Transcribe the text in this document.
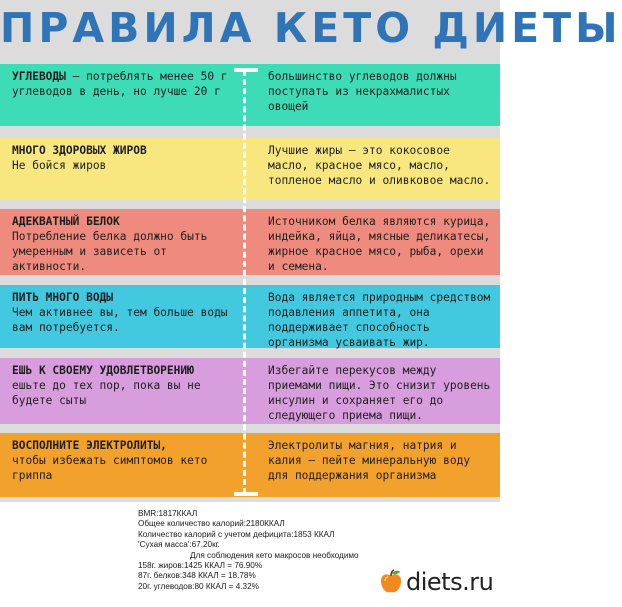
ПРАВИЛА КЕТО ДИЕТЫ
УГЛЕВОДЫ – потреблять менее 50 г углеводов в день, но лучше 20 г
большинство углеводов должны поступать из некрахмалистых овощей
МНОГО ЗДОРОВЫХ ЖИРОВ
Не бойся жиров
Лучшие жиры – это кокосовое масло, красное мясо, масло, топленое масло и оливковое масло.
АДЕКВАТНЫЙ БЕЛОК
Потребление белка должно быть умеренным и зависеть от активности.
Источником белка являются курица, индейка, яйца, мясные деликатесы, жирное красное мясо, рыба, орехи и семена.
ПИТЬ МНОГО ВОДЫ
Чем активнее вы, тем больше воды вам потребуется.
Вода является природным средством подавления аппетита, она поддерживает способность организма усваивать жир.
ЕШЬ К СВОЕМУ УДОВЛЕТВОРЕНИЮ
ешьте до тех пор, пока вы не будете сыты
Избегайте перекусов между приемами пищи. Это снизит уровень инсулин и сохраняет его до следующего приема пищи.
ВОСПОЛНИТЕ ЭЛЕКТРОЛИТЫ,
чтобы избежать симптомов кето гриппа
Электролиты магния, натрия и калия – пейте минеральную воду для поддержания организма
BMR:1817ККАЛ
Общее количество калорий:2180ККАЛ
Количество калорий с учетом дефицита:1853 ККАЛ
'Сухая масса':67.20кг.
Для соблюдения кето макросов необходимо
158г. жиров:1425 ККАЛ = 76.90%
87г. белков:348 ККАЛ = 18.78%
20г. углеводов:80 ККАЛ = 4.32%	diets.ru
